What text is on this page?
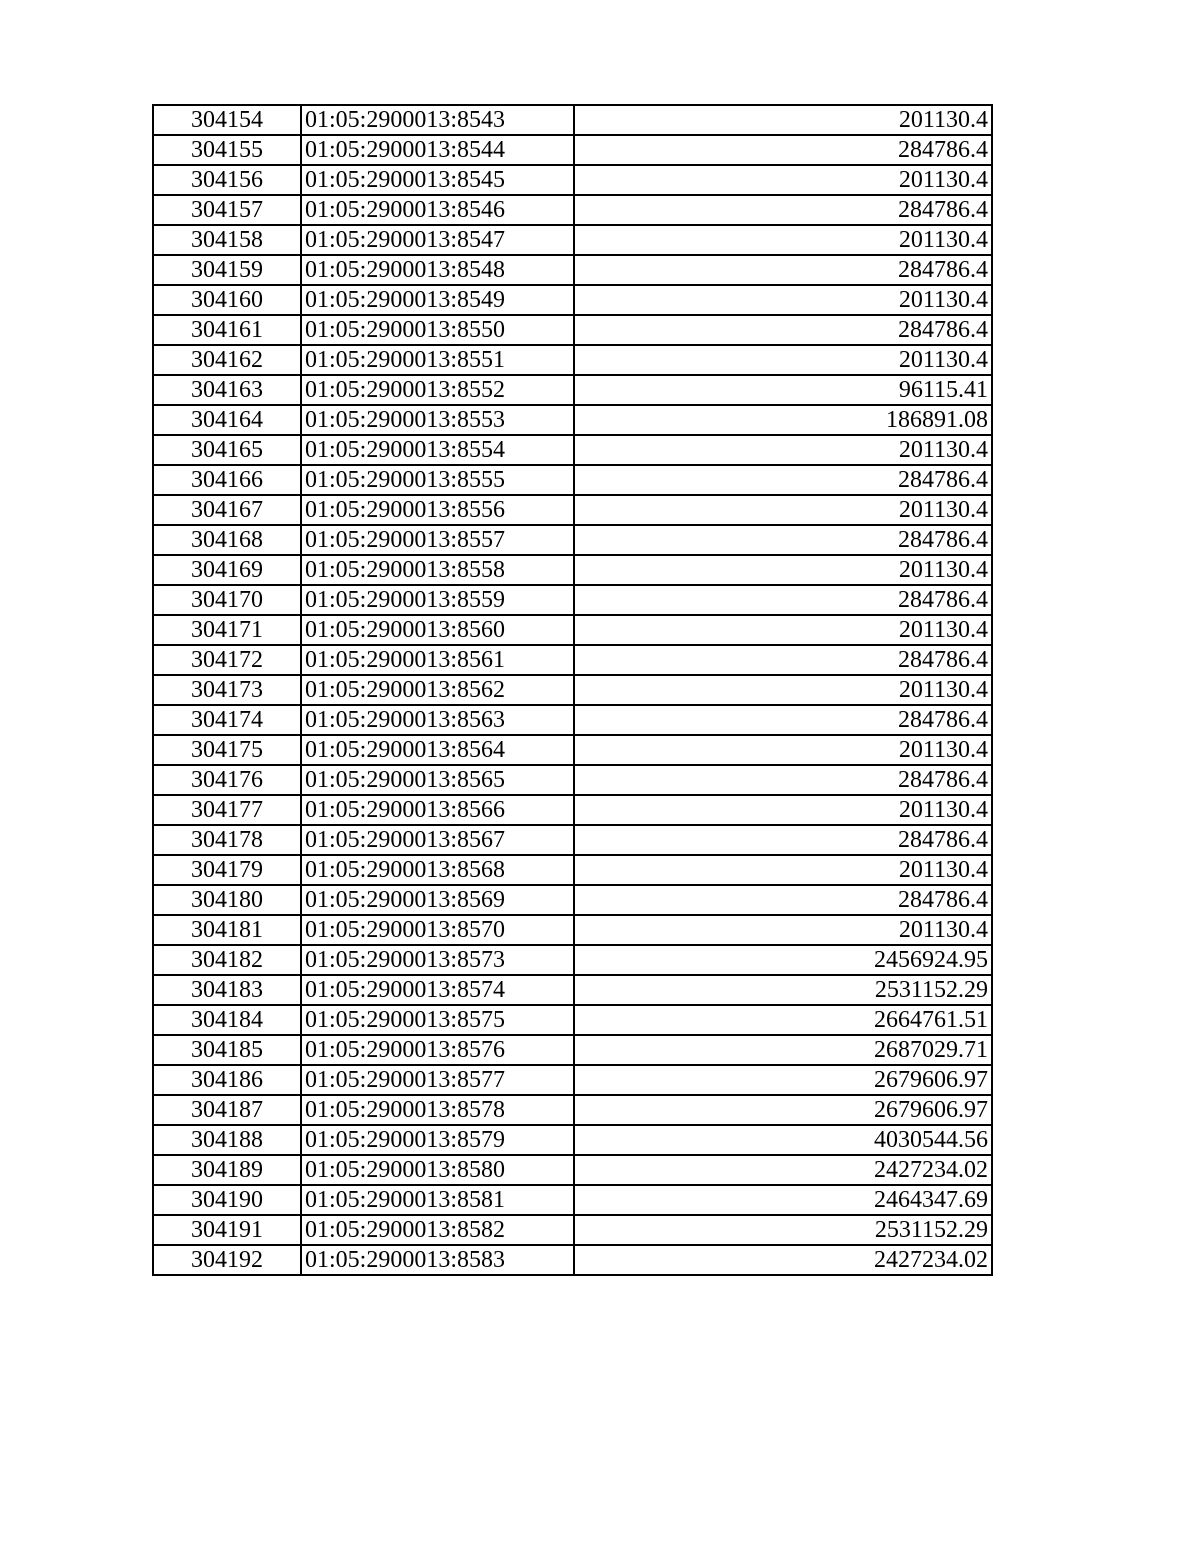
304154	01:05:2900013:8543	201130.4
304155	01:05:2900013:8544	284786.4
304156	01:05:2900013:8545	201130.4
304157	01:05:2900013:8546	284786.4
304158	01:05:2900013:8547	201130.4
304159	01:05:2900013:8548	284786.4
304160	01:05:2900013:8549	201130.4
304161	01:05:2900013:8550	284786.4
304162	01:05:2900013:8551	201130.4
304163	01:05:2900013:8552	96115.41
304164	01:05:2900013:8553	186891.08
304165	01:05:2900013:8554	201130.4
304166	01:05:2900013:8555	284786.4
304167	01:05:2900013:8556	201130.4
304168	01:05:2900013:8557	284786.4
304169	01:05:2900013:8558	201130.4
304170	01:05:2900013:8559	284786.4
304171	01:05:2900013:8560	201130.4
304172	01:05:2900013:8561	284786.4
304173	01:05:2900013:8562	201130.4
304174	01:05:2900013:8563	284786.4
304175	01:05:2900013:8564	201130.4
304176	01:05:2900013:8565	284786.4
304177	01:05:2900013:8566	201130.4
304178	01:05:2900013:8567	284786.4
304179	01:05:2900013:8568	201130.4
304180	01:05:2900013:8569	284786.4
304181	01:05:2900013:8570	201130.4
304182	01:05:2900013:8573	2456924.95
304183	01:05:2900013:8574	2531152.29
304184	01:05:2900013:8575	2664761.51
304185	01:05:2900013:8576	2687029.71
304186	01:05:2900013:8577	2679606.97
304187	01:05:2900013:8578	2679606.97
304188	01:05:2900013:8579	4030544.56
304189	01:05:2900013:8580	2427234.02
304190	01:05:2900013:8581	2464347.69
304191	01:05:2900013:8582	2531152.29
304192	01:05:2900013:8583	2427234.02
